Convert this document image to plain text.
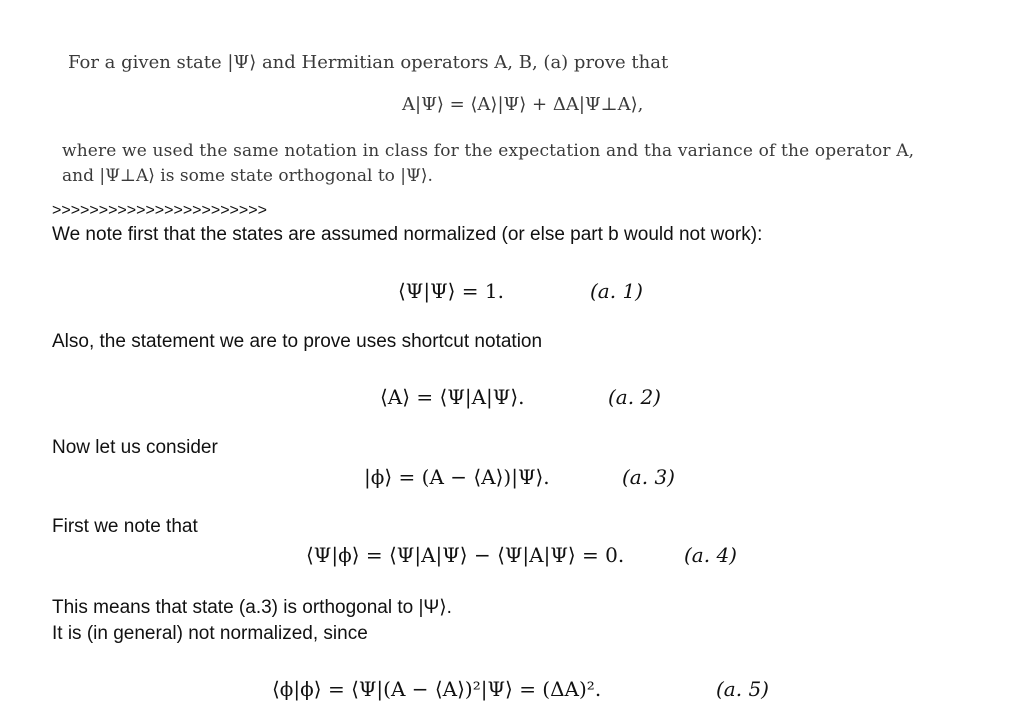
For a given state |Ψ⟩ and Hermitian operators A, B, (a) prove that
A|Ψ⟩ = ⟨A⟩|Ψ⟩ + ΔA|Ψ⊥A⟩,
where we used the same notation in class for the expectation and tha variance of the operator A,
and |Ψ⊥A⟩ is some state orthogonal to |Ψ⟩.
>>>>>>>>>>>>>>>>>>>>>>>
We note first that the states are assumed normalized (or else part b would not work):
⟨Ψ|Ψ⟩ = 1.	(a. 1)
Also, the statement we are to prove uses shortcut notation
⟨A⟩ = ⟨Ψ|A|Ψ⟩.	(a. 2)
Now let us consider
|ϕ⟩ = (A − ⟨A⟩)|Ψ⟩.	(a. 3)
First we note that
⟨Ψ|ϕ⟩ = ⟨Ψ|A|Ψ⟩ − ⟨Ψ|A|Ψ⟩ = 0.	(a. 4)
This means that state (a.3) is orthogonal to |Ψ⟩.
It is (in general) not normalized, since
⟨ϕ|ϕ⟩ = ⟨Ψ|(A − ⟨A⟩)²|Ψ⟩ = (ΔA)².	(a. 5)
